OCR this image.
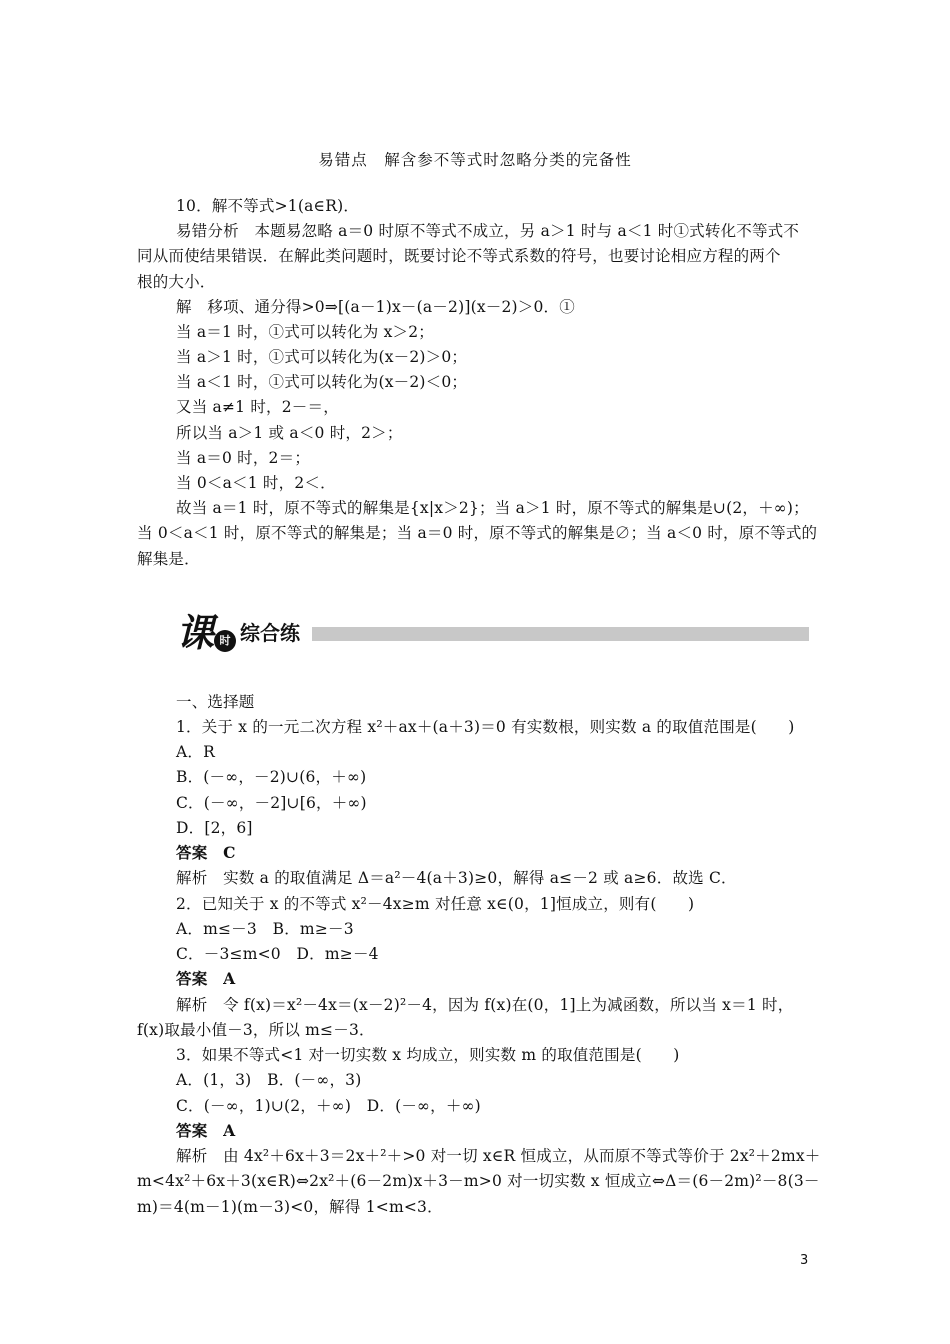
易错点　解含参不等式时忽略分类的完备性
10．解不等式>1(a∈R)．
易错分析　本题易忽略 a＝0 时原不等式不成立，另 a＞1 时与 a＜1 时①式转化不等式不
同从而使结果错误．在解此类问题时，既要讨论不等式系数的符号，也要讨论相应方程的两个
根的大小．
解　移项、通分得>0⇒[(a－1)x－(a－2)](x－2)＞0．①
当 a＝1 时，①式可以转化为 x＞2；
当 a＞1 时，①式可以转化为(x－2)＞0；
当 a＜1 时，①式可以转化为(x－2)＜0；
又当 a≠1 时，2－＝，
所以当 a＞1 或 a＜0 时，2＞；
当 a＝0 时，2＝；
当 0＜a＜1 时，2＜．
故当 a＝1 时，原不等式的解集是{x|x＞2}；当 a＞1 时，原不等式的解集是∪(2，＋∞)；
当 0＜a＜1 时，原不等式的解集是；当 a＝0 时，原不等式的解集是∅；当 a＜0 时，原不等式的
解集是．
课 时 综合练
一、选择题
1．关于 x 的一元二次方程 x²＋ax＋(a＋3)＝0 有实数根，则实数 a 的取值范围是(　　)
A．R
B．(－∞，－2)∪(6，＋∞)
C．(－∞，－2]∪[6，＋∞)
D．[2，6]
答案　C
解析　实数 a 的取值满足 Δ＝a²－4(a＋3)≥0，解得 a≤－2 或 a≥6．故选 C．
2．已知关于 x 的不等式 x²－4x≥m 对任意 x∈(0，1]恒成立，则有(　　)
A．m≤－3　B．m≥－3
C．－3≤m<0　D．m≥－4
答案　A
解析　令 f(x)＝x²－4x＝(x－2)²－4，因为 f(x)在(0，1]上为减函数，所以当 x＝1 时，
f(x)取最小值－3，所以 m≤－3．
3．如果不等式<1 对一切实数 x 均成立，则实数 m 的取值范围是(　　)
A．(1，3)　B．(－∞，3)
C．(－∞，1)∪(2，＋∞)　D．(－∞，＋∞)
答案　A
解析　由 4x²＋6x＋3＝2x＋²＋>0 对一切 x∈R 恒成立，从而原不等式等价于 2x²＋2mx＋
m<4x²＋6x＋3(x∈R)⇔2x²＋(6－2m)x＋3－m>0 对一切实数 x 恒成立⇔Δ＝(6－2m)²－8(3－
m)＝4(m－1)(m－3)<0，解得 1<m<3．
3
